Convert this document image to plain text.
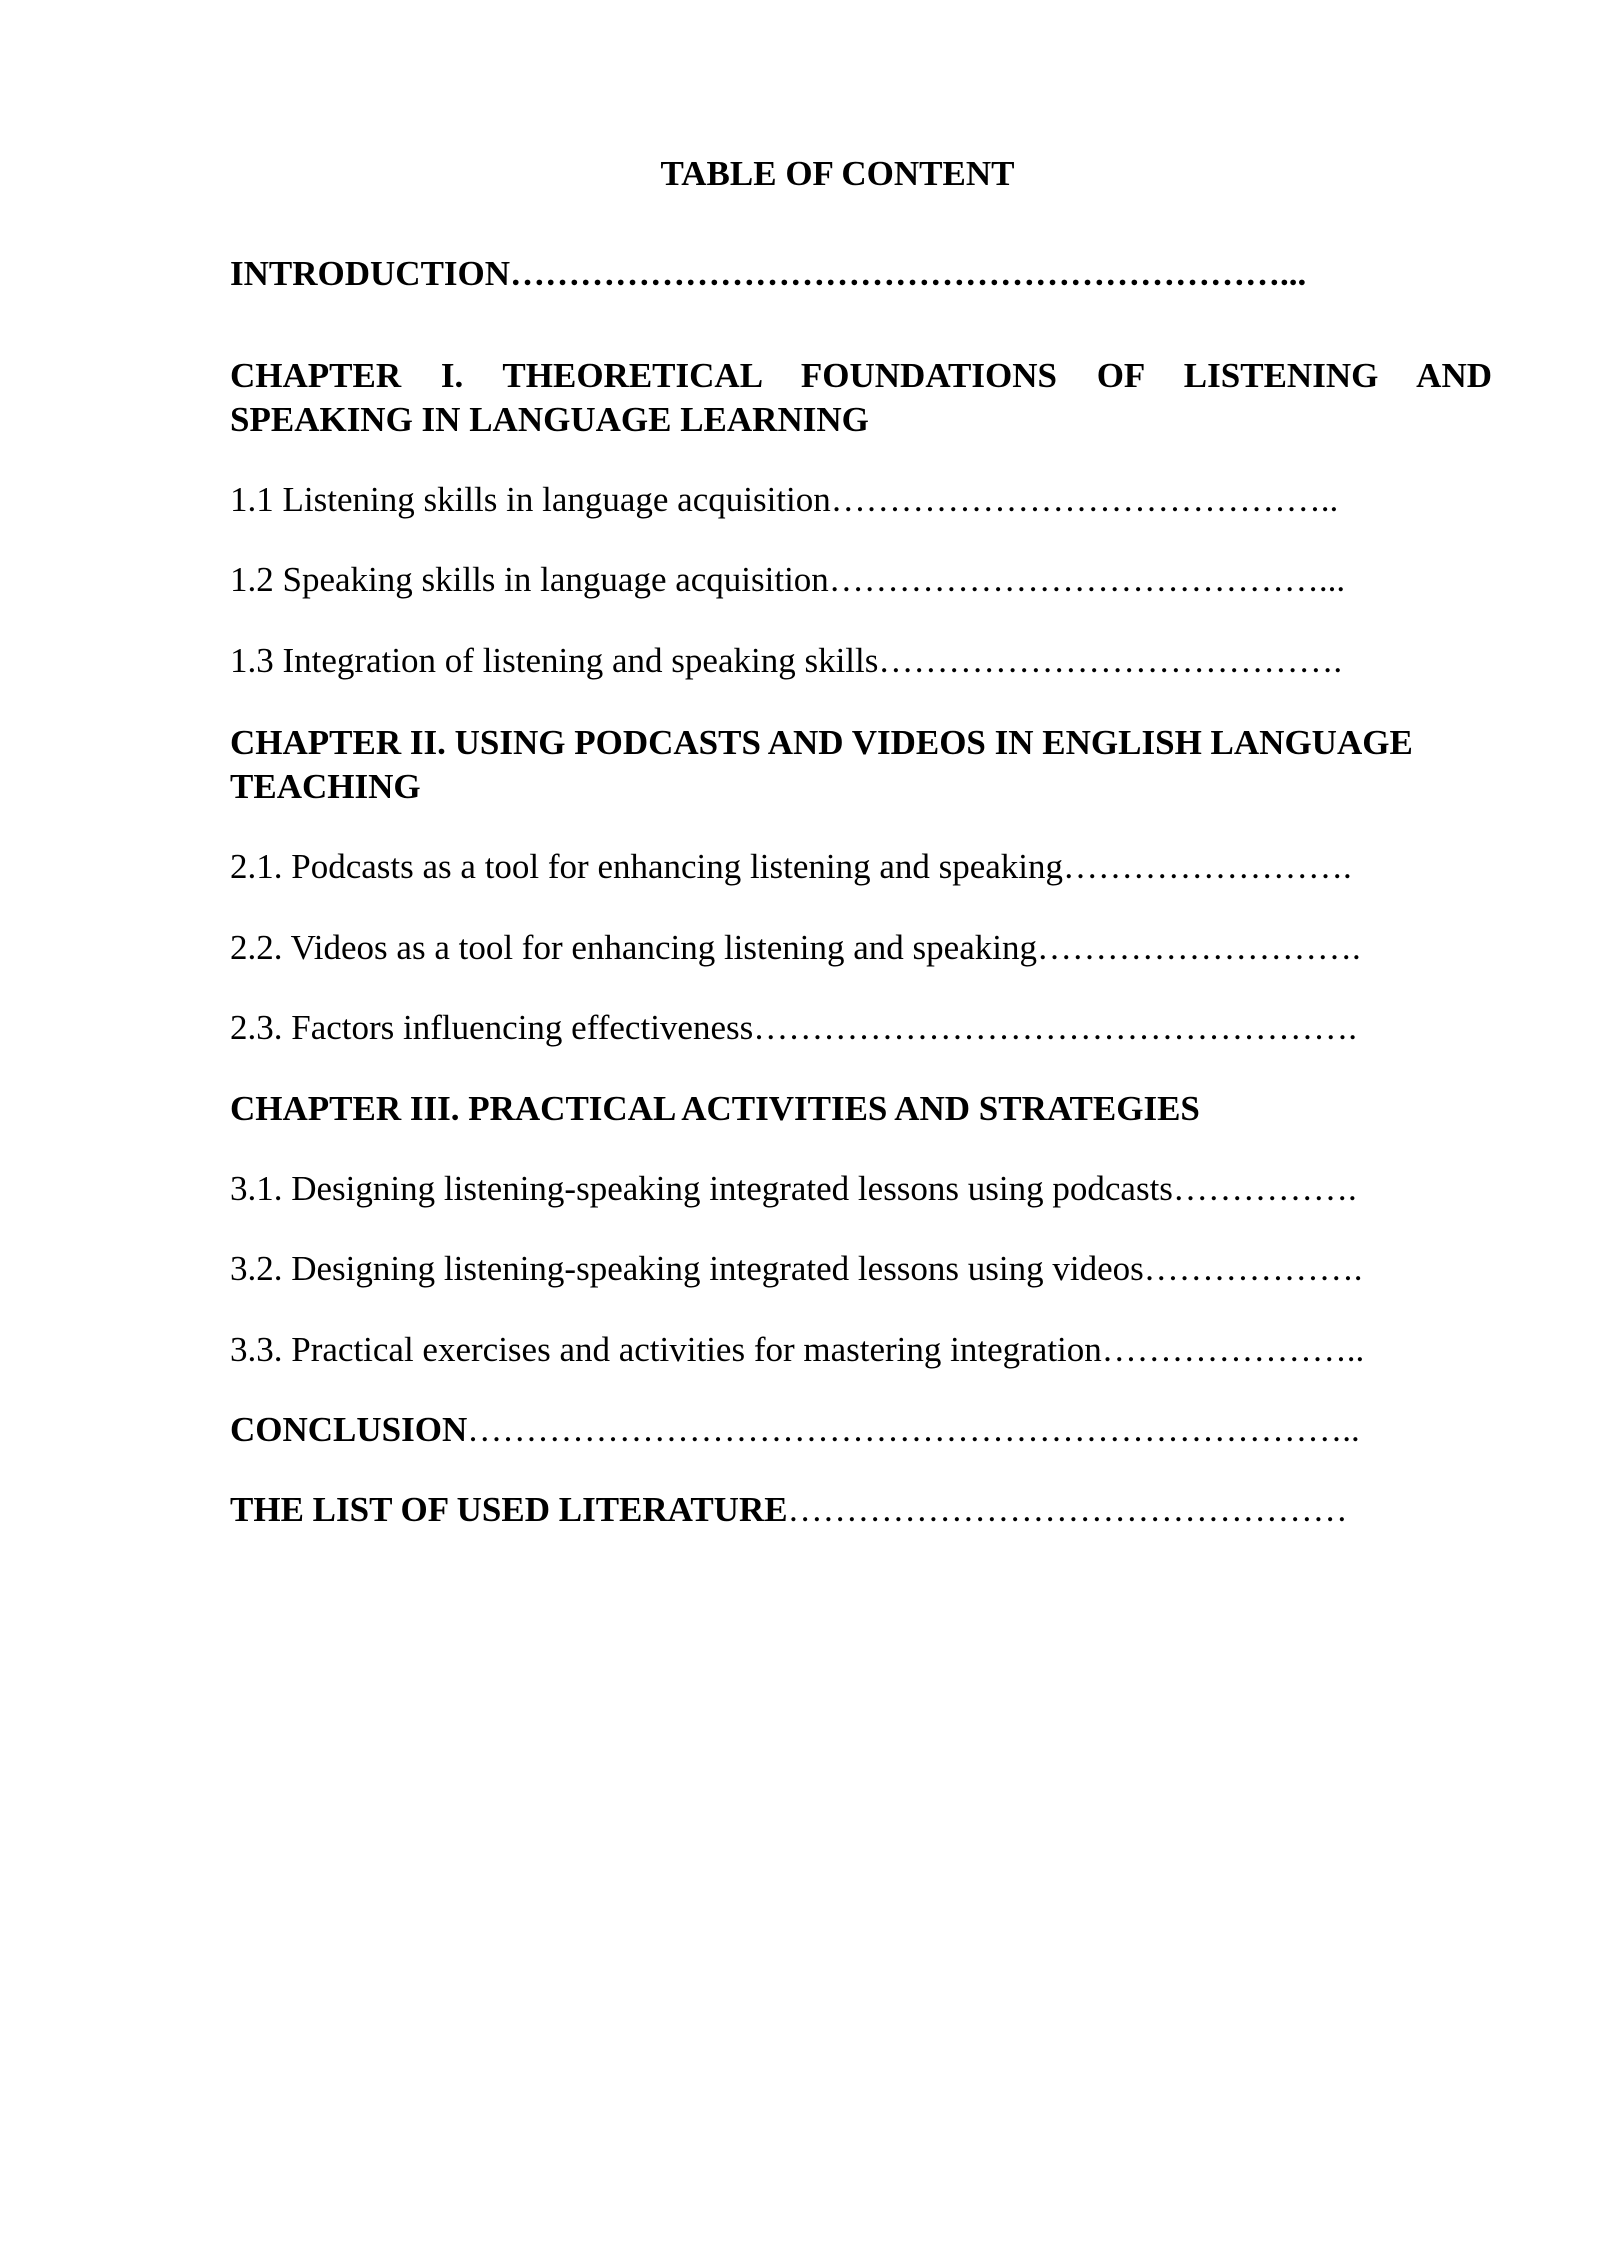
TABLE OF CONTENT

INTRODUCTION…………………………………………………………...

CHAPTER I. THEORETICAL FOUNDATIONS OF LISTENING AND SPEAKING IN LANGUAGE LEARNING

1.1 Listening skills in language acquisition……………………………………..

1.2 Speaking skills in language acquisition……………………………………...

1.3 Integration of listening and speaking skills………………………………….

CHAPTER II. USING PODCASTS AND VIDEOS IN ENGLISH LANGUAGE TEACHING

2.1. Podcasts as a tool for enhancing listening and speaking…………………….

2.2. Videos as a tool for enhancing listening and speaking……………………….

2.3. Factors influencing effectiveness…………………………………………….

CHAPTER III. PRACTICAL ACTIVITIES AND STRATEGIES

3.1. Designing listening-speaking integrated lessons using podcasts…………….

3.2. Designing listening-speaking integrated lessons using videos……………….

3.3. Practical exercises and activities for mastering integration…………………..

CONCLUSION…………………………………………………………………..

THE LIST OF USED LITERATURE…………………………………………
